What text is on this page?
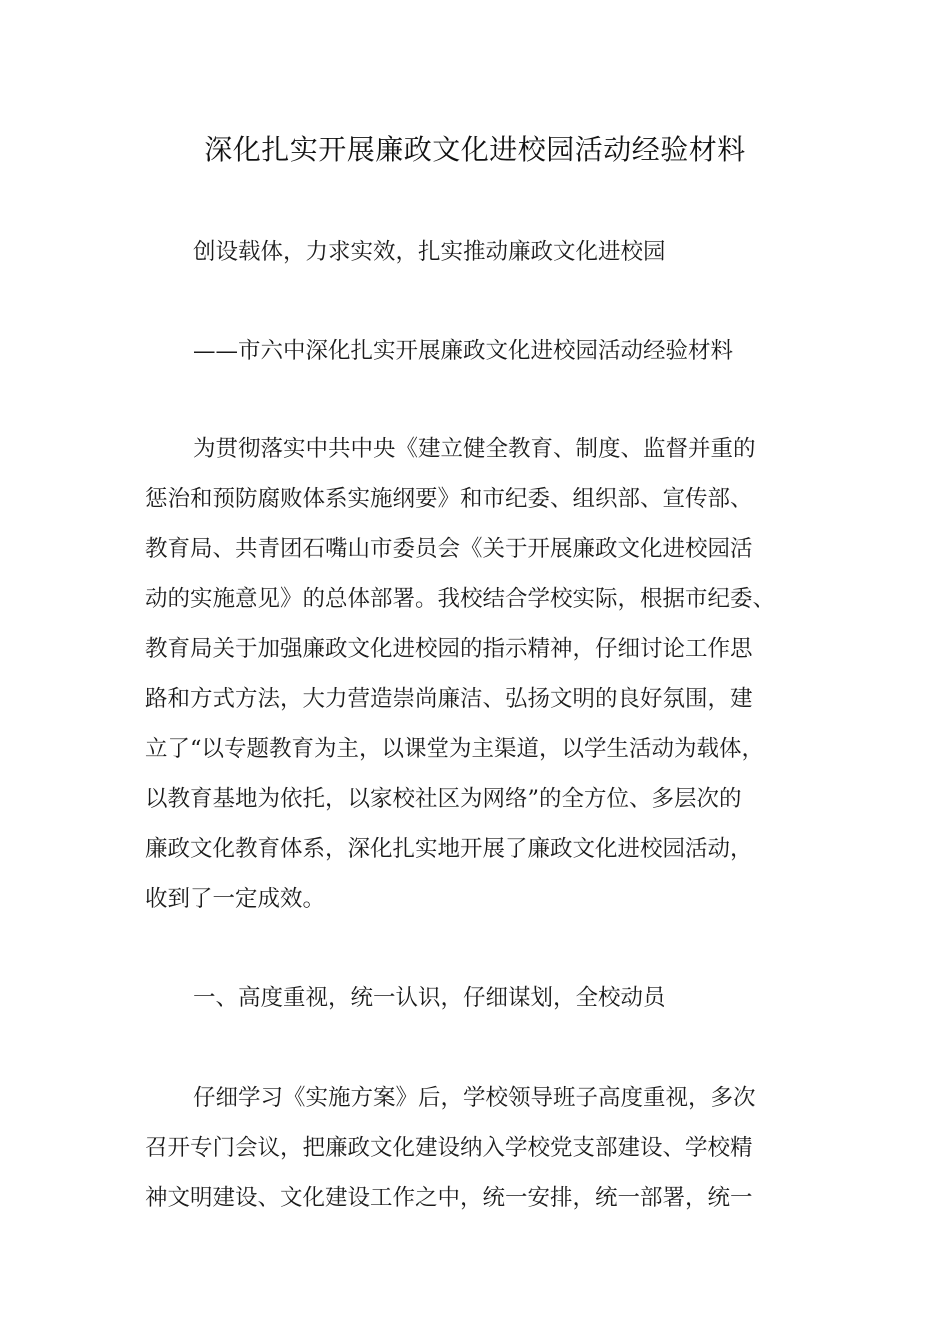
深化扎实开展廉政文化进校园活动经验材料

创设载体，力求实效，扎实推动廉政文化进校园

——市六中深化扎实开展廉政文化进校园活动经验材料

为贯彻落实中共中央《建立健全教育、制度、监督并重的

惩治和预防腐败体系实施纲要》和市纪委、组织部、宣传部、

教育局、共青团石嘴山市委员会《关于开展廉政文化进校园活

动的实施意见》的总体部署。我校结合学校实际，根据市纪委、

教育局关于加强廉政文化进校园的指示精神，仔细讨论工作思

路和方式方法，大力营造崇尚廉洁、弘扬文明的良好氛围，建

立了“以专题教育为主，以课堂为主渠道，以学生活动为载体，

以教育基地为依托，以家校社区为网络”的全方位、多层次的

廉政文化教育体系，深化扎实地开展了廉政文化进校园活动，

收到了一定成效。

一、高度重视，统一认识，仔细谋划，全校动员

仔细学习《实施方案》后，学校领导班子高度重视，多次

召开专门会议，把廉政文化建设纳入学校党支部建设、学校精

神文明建设、文化建设工作之中，统一安排，统一部署，统一
